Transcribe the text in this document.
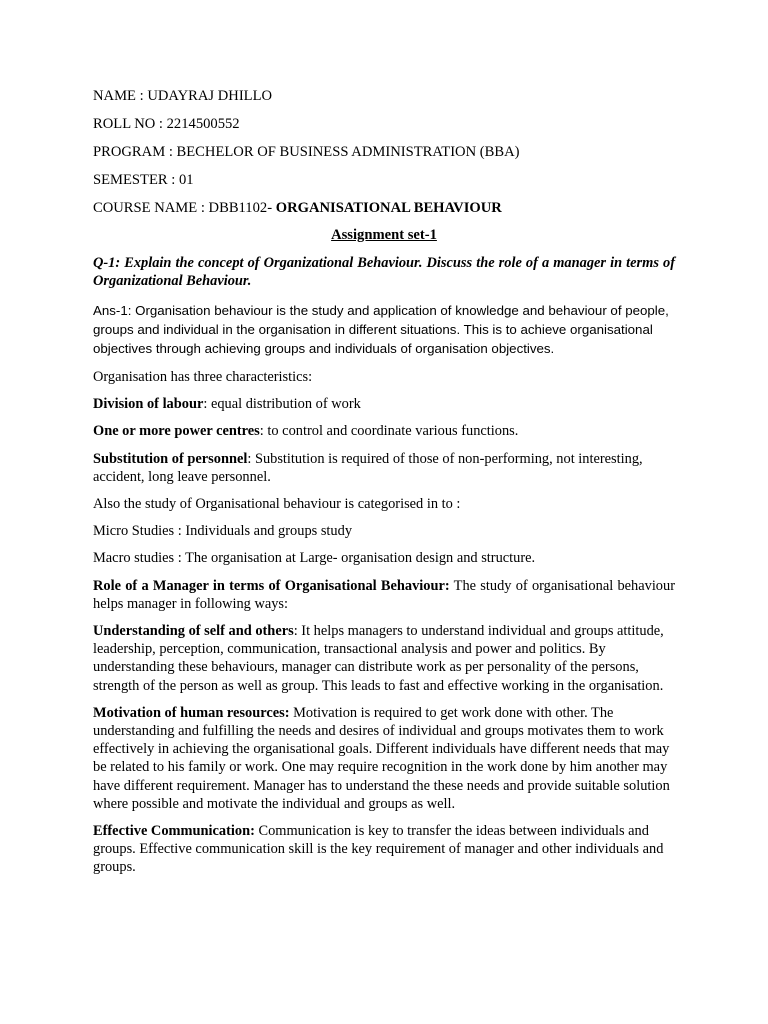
NAME : UDAYRAJ DHILLO

ROLL NO : 2214500552

PROGRAM : BECHELOR OF BUSINESS ADMINISTRATION (BBA)

SEMESTER : 01

COURSE NAME : DBB1102- ORGANISATIONAL BEHAVIOUR

Assignment set-1

Q-1: Explain the concept of Organizational Behaviour. Discuss the role of a manager in terms of Organizational Behaviour.

Ans-1: Organisation behaviour is the study and application of knowledge and behaviour of people, groups and individual in the organisation in different situations. This is to achieve organisational objectives through achieving groups and individuals of organisation objectives.

Organisation has three characteristics:

Division of labour: equal distribution of work

One or more power centres: to control and coordinate various functions.

Substitution of personnel: Substitution is required of those of non-performing, not interesting, accident, long leave personnel.

Also the study of Organisational behaviour is categorised in to :

Micro Studies : Individuals and groups study

Macro studies : The organisation at Large- organisation design and structure.

Role of a Manager in terms of Organisational Behaviour: The study of organisational behaviour helps manager in following ways:

Understanding of self and others: It helps managers to understand individual and groups attitude, leadership, perception, communication, transactional analysis and power and politics. By understanding these behaviours, manager can distribute work as per personality of the persons, strength of the person as well as group. This leads to fast and effective working in the organisation.

Motivation of human resources: Motivation is required to get work done with other. The understanding and fulfilling the needs and desires of individual and groups motivates them to work effectively in achieving the organisational goals. Different individuals have different needs that may be related to his family or work. One may require recognition in the work done by him another may have different requirement. Manager has to understand the these needs and provide suitable solution where possible and motivate the individual and groups as well.

Effective Communication: Communication is key to transfer the ideas between individuals and groups. Effective communication skill is the key requirement of manager and other individuals and groups.
